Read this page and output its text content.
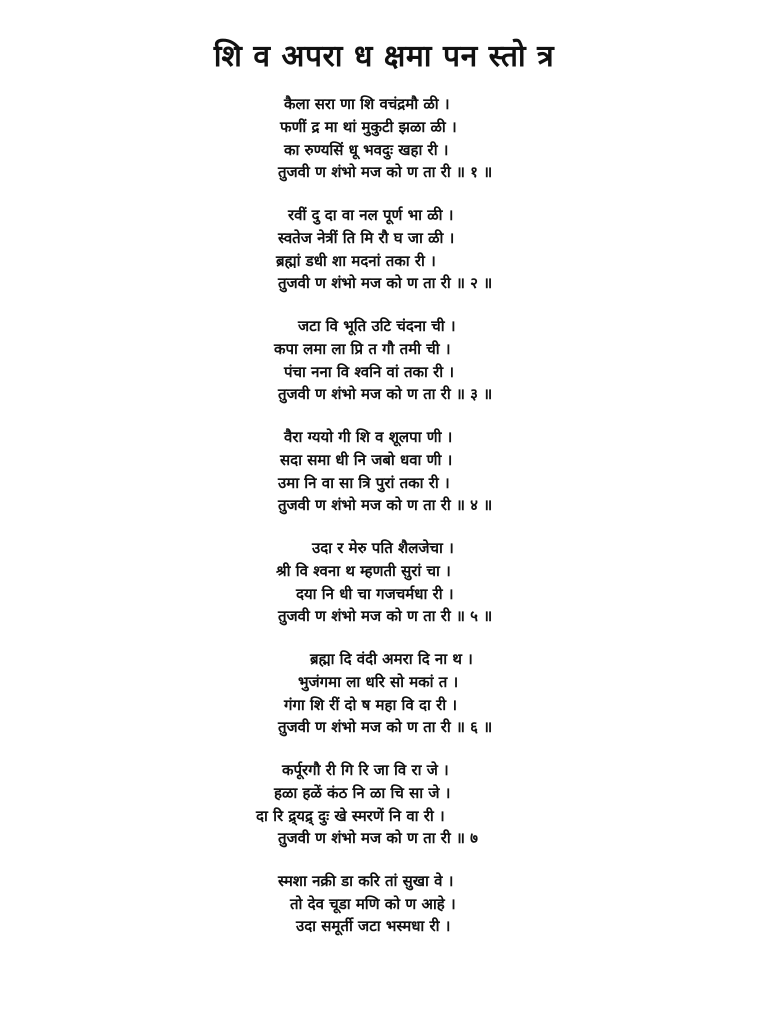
शि व अपरा ध क्षमा पन स्तो त्र
कैला सरा णा शि वचंद्रमौ ळी ।
फणीं द्र मा थां मुकुटी झळा ळी ।
का रुण्यसिं धू भवदुः खहा री ।
तुजवी ण शंभो मज को ण ता री ॥ १ ॥
रवीं दु दा वा नल पूर्ण भा ळी ।
स्वतेज नेत्रीं ति मि रौ घ जा ळी ।
ब्रह्मां डधी शा मदनां तका री ।
तुजवी ण शंभो मज को ण ता री ॥ २ ॥
जटा वि भूति उटि चंदना ची ।
कपा लमा ला प्रि त गौ तमी ची ।
पंचा नना वि श्वनि वां तका री ।
तुजवी ण शंभो मज को ण ता री ॥ ३ ॥
वैरा ग्ययो गी शि व शूलपा णी ।
सदा समा धी नि जबो धवा णी ।
उमा नि वा सा त्रि पुरां तका री ।
तुजवी ण शंभो मज को ण ता री ॥ ४ ॥
उदा र मेरु पति शैलजेचा ।
श्री वि श्वना थ म्हणती सुरां चा ।
दया नि धी चा गजचर्मधा री ।
तुजवी ण शंभो मज को ण ता री ॥ ५ ॥
ब्रह्मा दि वंदी अमरा दि ना थ ।
भुजंगमा ला धरि सो मकां त ।
गंगा शि रीं दो ष महा वि दा री ।
तुजवी ण शंभो मज को ण ता री ॥ ६ ॥
कर्पूरगौ री गि रि जा वि रा जे ।
हळा हळें कंठ नि ळा चि सा जे ।
दा रि द्र्यद्र् दुः खे स्मरणें नि वा री ।
तुजवी ण शंभो मज को ण ता री ॥ ७
स्मशा नक्री डा करि तां सुखा वे ।
तो देव चूडा मणि को ण आहे ।
उदा समूर्ती जटा भस्मधा री ।
